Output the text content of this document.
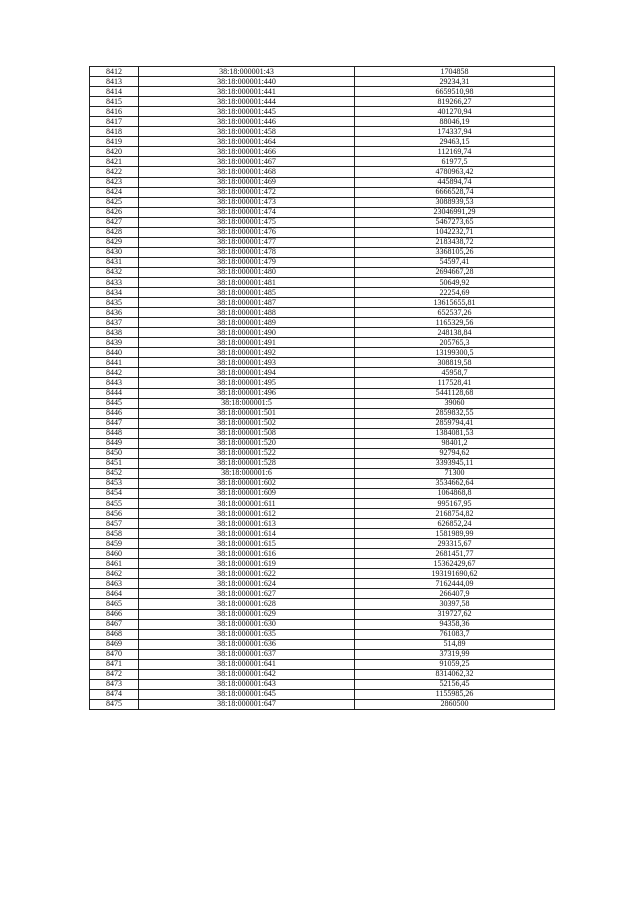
8412	38:18:000001:43	1704858
8413	38:18:000001:440	29234,31
8414	38:18:000001:441	6659510,98
8415	38:18:000001:444	819266,27
8416	38:18:000001:445	401270,94
8417	38:18:000001:446	88046,19
8418	38:18:000001:458	174337,94
8419	38:18:000001:464	29463,15
8420	38:18:000001:466	112169,74
8421	38:18:000001:467	61977,5
8422	38:18:000001:468	4780963,42
8423	38:18:000001:469	445894,74
8424	38:18:000001:472	6666528,74
8425	38:18:000001:473	3088939,53
8426	38:18:000001:474	23046991,29
8427	38:18:000001:475	5467273,65
8428	38:18:000001:476	1042232,71
8429	38:18:000001:477	2183438,72
8430	38:18:000001:478	3368105,26
8431	38:18:000001:479	54597,41
8432	38:18:000001:480	2694667,28
8433	38:18:000001:481	50649,92
8434	38:18:000001:485	22254,69
8435	38:18:000001:487	13615655,81
8436	38:18:000001:488	652537,26
8437	38:18:000001:489	1165329,56
8438	38:18:000001:490	248138,84
8439	38:18:000001:491	205765,3
8440	38:18:000001:492	13199300,5
8441	38:18:000001:493	308819,58
8442	38:18:000001:494	45958,7
8443	38:18:000001:495	117528,41
8444	38:18:000001:496	5441128,68
8445	38:18:000001:5	39060
8446	38:18:000001:501	2859832,55
8447	38:18:000001:502	2859794,41
8448	38:18:000001:508	1384081,53
8449	38:18:000001:520	98401,2
8450	38:18:000001:522	92794,62
8451	38:18:000001:528	3393945,11
8452	38:18:000001:6	71300
8453	38:18:000001:602	3534662,64
8454	38:18:000001:609	1064868,8
8455	38:18:000001:611	995167,95
8456	38:18:000001:612	2168754,82
8457	38:18:000001:613	626852,24
8458	38:18:000001:614	1581989,99
8459	38:18:000001:615	293315,67
8460	38:18:000001:616	2681451,77
8461	38:18:000001:619	15362429,67
8462	38:18:000001:622	193191690,62
8463	38:18:000001:624	7162444,09
8464	38:18:000001:627	266407,9
8465	38:18:000001:628	30397,58
8466	38:18:000001:629	319727,62
8467	38:18:000001:630	94358,36
8468	38:18:000001:635	761083,7
8469	38:18:000001:636	514,89
8470	38:18:000001:637	37319,99
8471	38:18:000001:641	91059,25
8472	38:18:000001:642	8314062,32
8473	38:18:000001:643	52156,45
8474	38:18:000001:645	1155985,26
8475	38:18:000001:647	2860500
